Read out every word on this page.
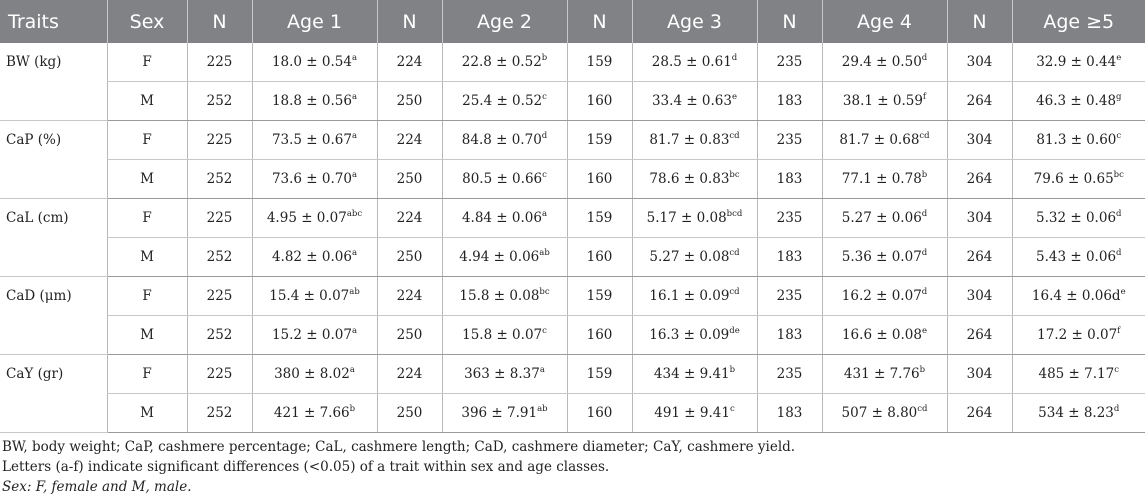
Traits	Sex	N	Age 1	N	Age 2	N	Age 3	N	Age 4	N	Age ≥5
BW (kg)	F	225	18.0 ± 0.54$^a$	224	22.8 ± 0.52$^b$	159	28.5 ± 0.61$^d$	235	29.4 ± 0.50$^d$	304	32.9 ± 0.44$^e$
	M	252	18.8 ± 0.56$^a$	250	25.4 ± 0.52$^c$	160	33.4 ± 0.63$^e$	183	38.1 ± 0.59$^f$	264	46.3 ± 0.48$^g$
CaP (%)	F	225	73.5 ± 0.67$^a$	224	84.8 ± 0.70$^d$	159	81.7 ± 0.83$^{cd}$	235	81.7 ± 0.68$^{cd}$	304	81.3 ± 0.60$^c$
	M	252	73.6 ± 0.70$^a$	250	80.5 ± 0.66$^c$	160	78.6 ± 0.83$^{bc}$	183	77.1 ± 0.78$^b$	264	79.6 ± 0.65$^{bc}$
CaL (cm)	F	225	4.95 ± 0.07$^{abc}$	224	4.84 ± 0.06$^a$	159	5.17 ± 0.08$^{bcd}$	235	5.27 ± 0.06$^d$	304	5.32 ± 0.06$^d$
	M	252	4.82 ± 0.06$^a$	250	4.94 ± 0.06$^{ab}$	160	5.27 ± 0.08$^{cd}$	183	5.36 ± 0.07$^d$	264	5.43 ± 0.06$^d$
CaD (μm)	F	225	15.4 ± 0.07$^{ab}$	224	15.8 ± 0.08$^{bc}$	159	16.1 ± 0.09$^{cd}$	235	16.2 ± 0.07$^d$	304	$16.4 \pm 0.06d^e$
	M	252	15.2 ± 0.07$^a$	250	15.8 ± 0.07$^c$	160	16.3 ± 0.09de	183	16.6 ± 0.08$^e$	264	17.2 ± 0.07$^f$
CaY (gr)	F	225	380 ± 8.02$^a$	224	363 ± 8.37$^a$	159	434 ± 9.41$^b$	235	431 ± 7.76$^b$	304	485 ± 7.17$^c$
	M	252	421 ± 7.66$^b$	250	396 ± 7.91$^{ab}$	160	491 ± 9.41$^c$	183	507 ± 8.80$^{cd}$	264	534 ± 8.23$^d$
BW, body weight; CaP, cashmere percentage; CaL, cashmere length; CaD, cashmere diameter; CaY, cashmere yield.
Letters (a-f) indicate significant differences (<0.05) of a trait within sex and age classes.
Sex: F, female and M, male.
